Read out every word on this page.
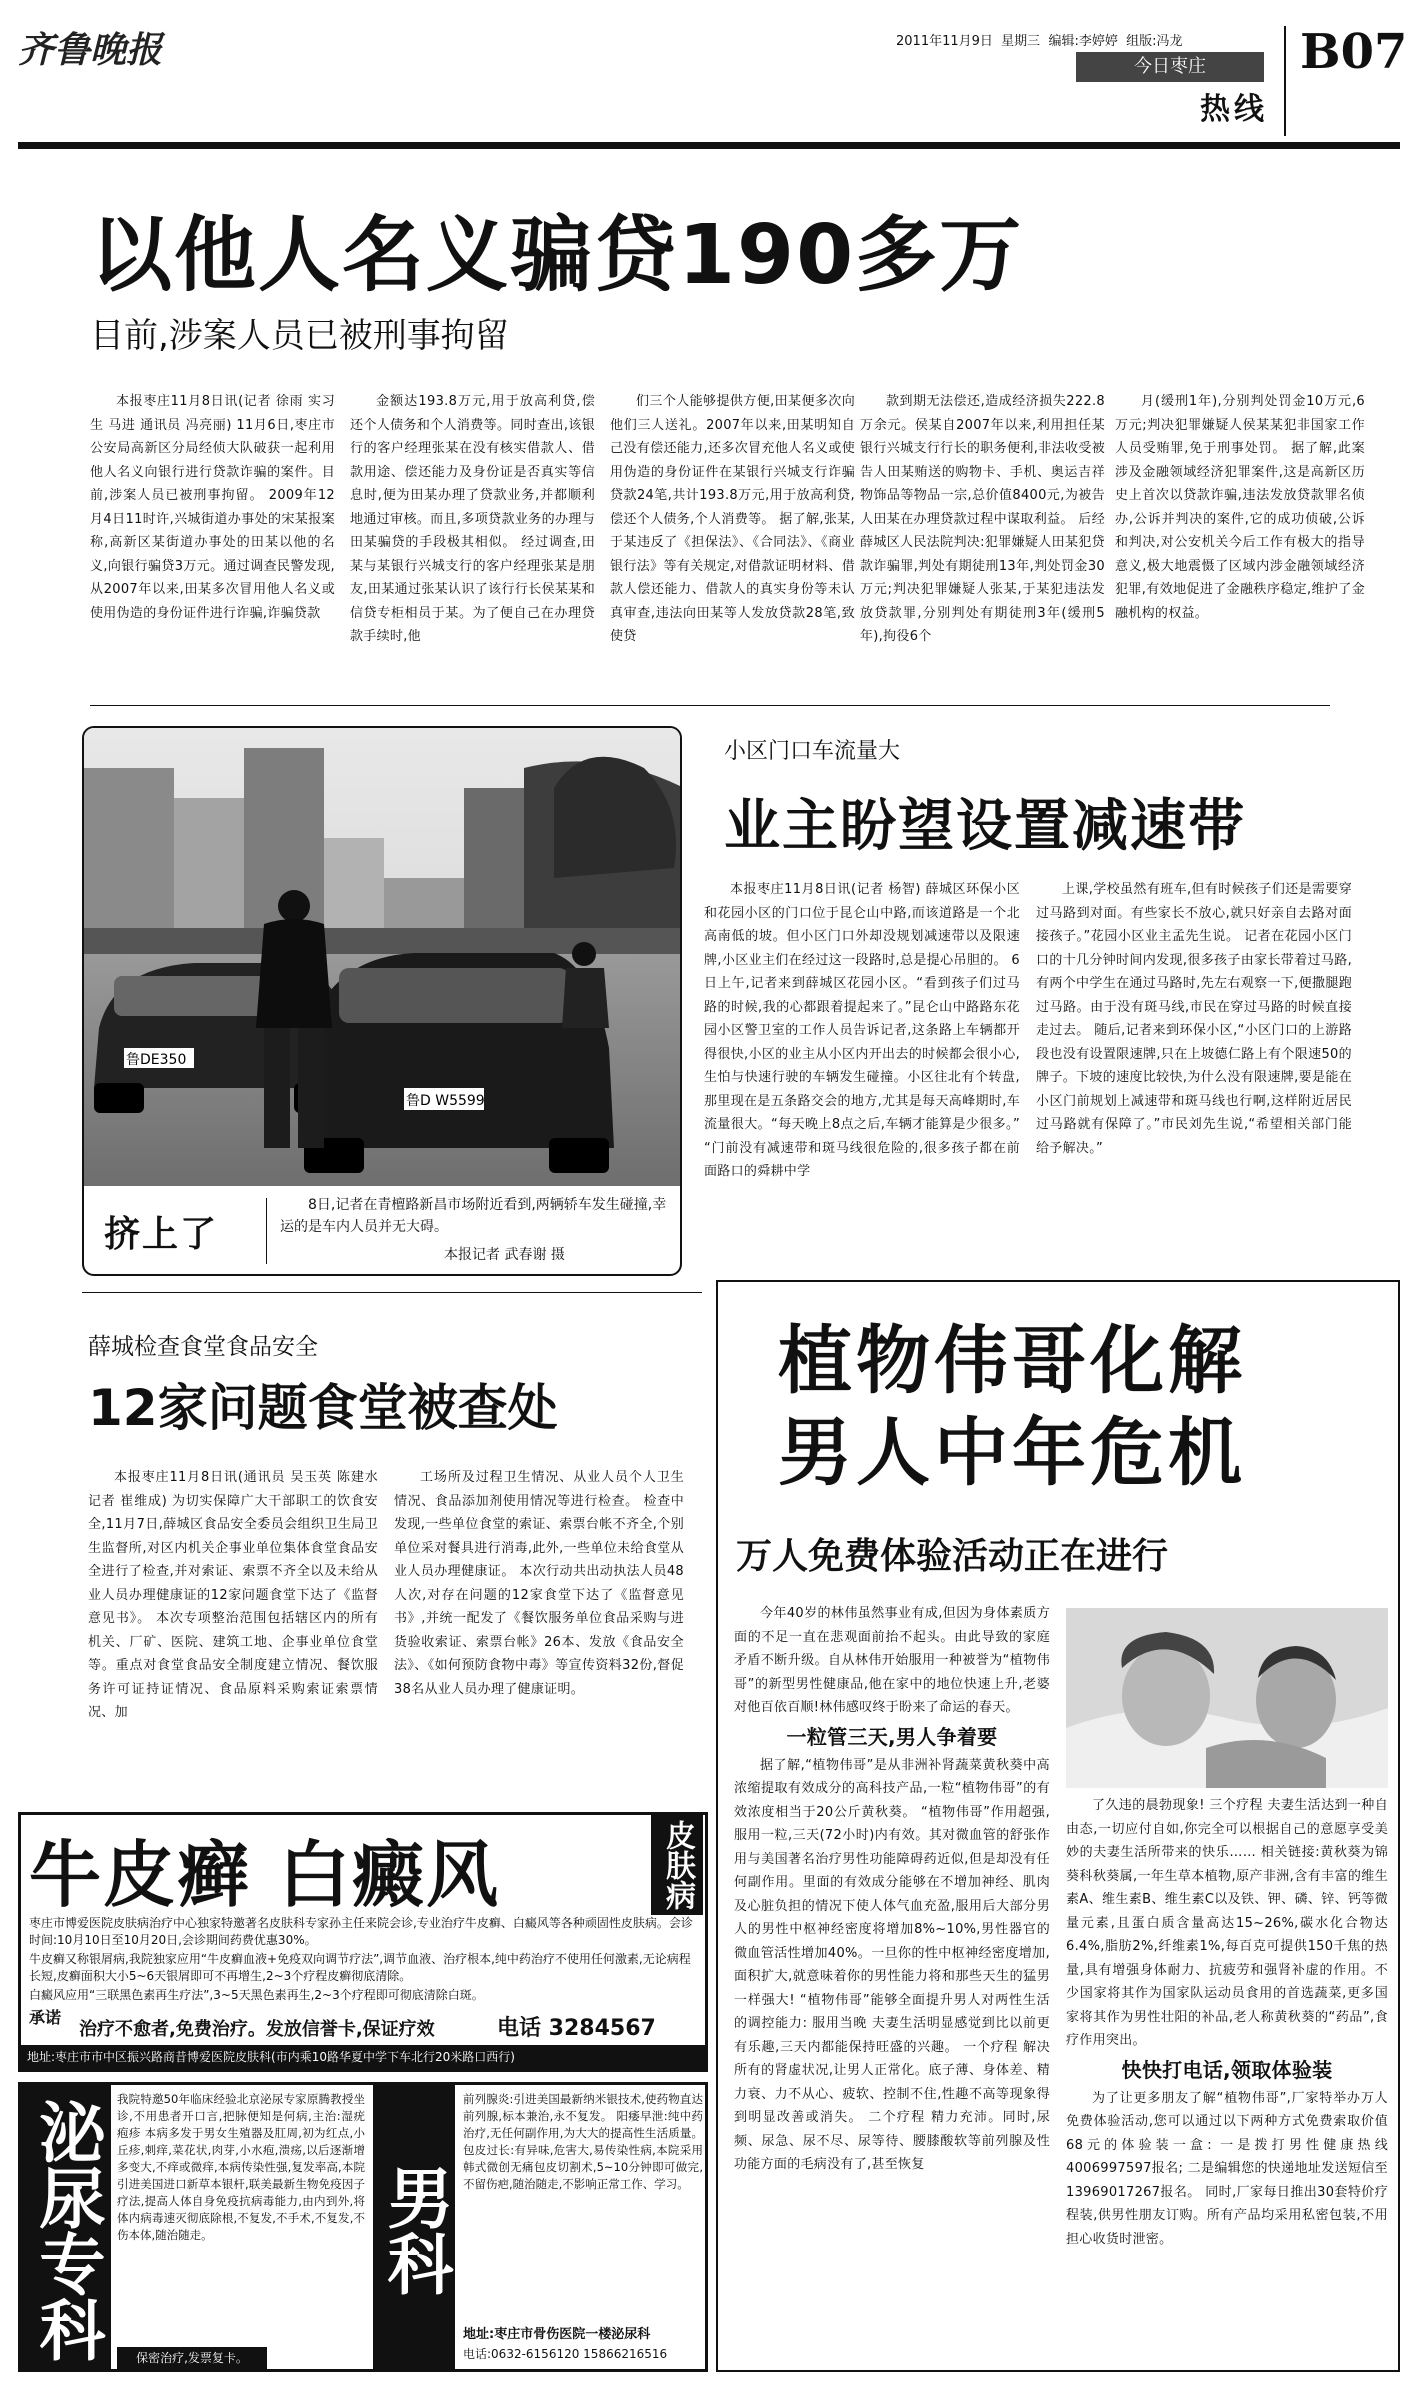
齐鲁晚报	2011年11月9日 星期三 编辑:李婷婷 组版:冯龙
今日枣庄
热线
B07
以他人名义骗贷190多万
目前,涉案人员已被刑事拘留

本报枣庄11月8日讯(记者 徐雨 实习生 马进 通讯员 冯亮丽) 11月6日,枣庄市公安局高新区分局经侦大队破获一起利用他人名义向银行进行贷款诈骗的案件。目前,涉案人员已被刑事拘留。 2009年12月4日11时许,兴城街道办事处的宋某报案称,高新区某街道办事处的田某以他的名义,向银行骗贷3万元。通过调查民警发现,从2007年以来,田某多次冒用他人名义或使用伪造的身份证件进行诈骗,诈骗贷款

金额达193.8万元,用于放高利贷,偿还个人债务和个人消费等。同时查出,该银行的客户经理张某在没有核实借款人、借款用途、偿还能力及身份证是否真实等信息时,便为田某办理了贷款业务,并都顺利地通过审核。而且,多项贷款业务的办理与田某骗贷的手段极其相似。 经过调查,田某与某银行兴城支行的客户经理张某是朋友,田某通过张某认识了该行行长侯某某和信贷专柜相员于某。为了便自己在办理贷款手续时,他

们三个人能够提供方便,田某便多次向他们三人送礼。2007年以来,田某明知自己没有偿还能力,还多次冒充他人名义或使用伪造的身份证件在某银行兴城支行诈骗贷款24笔,共计193.8万元,用于放高利贷,偿还个人债务,个人消费等。 据了解,张某,于某违反了《担保法》、《合同法》、《商业银行法》等有关规定,对借款证明材料、借款人偿还能力、借款人的真实身份等未认真审查,违法向田某等人发放贷款28笔,致使贷

款到期无法偿还,造成经济损失222.8万余元。侯某自2007年以来,利用担任某银行兴城支行行长的职务便利,非法收受被告人田某贿送的购物卡、手机、奥运吉祥物饰品等物品一宗,总价值8400元,为被告人田某在办理贷款过程中谋取利益。 后经薛城区人民法院判决:犯罪嫌疑人田某犯贷款诈骗罪,判处有期徒刑13年,判处罚金30万元;判决犯罪嫌疑人张某,于某犯违法发放贷款罪,分别判处有期徒刑3年(缓刑5年),拘役6个

月(缓刑1年),分别判处罚金10万元,6万元;判决犯罪嫌疑人侯某某犯非国家工作人员受贿罪,免于刑事处罚。 据了解,此案涉及金融领域经济犯罪案件,这是高新区历史上首次以贷款诈骗,违法发放贷款罪名侦办,公诉并判决的案件,它的成功侦破,公诉和判决,对公安机关今后工作有极大的指导意义,极大地震慑了区域内涉金融领域经济犯罪,有效地促进了金融秩序稳定,维护了金融机构的权益。

鲁DE350
鲁D W5599
挤上了
8日,记者在青檀路新昌市场附近看到,两辆轿车发生碰撞,幸运的是车内人员并无大碍。
本报记者 武春谢 摄
小区门口车流量大
业主盼望设置减速带

本报枣庄11月8日讯(记者 杨智) 薛城区环保小区和花园小区的门口位于昆仑山中路,而该道路是一个北高南低的坡。但小区门口外却没规划减速带以及限速牌,小区业主们在经过这一段路时,总是提心吊胆的。 6日上午,记者来到薛城区花园小区。“看到孩子们过马路的时候,我的心都跟着提起来了。”昆仑山中路路东花园小区警卫室的工作人员告诉记者,这条路上车辆都开得很快,小区的业主从小区内开出去的时候都会很小心,生怕与快速行驶的车辆发生碰撞。小区往北有个转盘,那里现在是五条路交会的地方,尤其是每天高峰期时,车流量很大。“每天晚上8点之后,车辆才能算是少很多。” “门前没有减速带和斑马线很危险的,很多孩子都在前面路口的舜耕中学

上课,学校虽然有班车,但有时候孩子们还是需要穿过马路到对面。有些家长不放心,就只好亲自去路对面接孩子。”花园小区业主孟先生说。 记者在花园小区门口的十几分钟时间内发现,很多孩子由家长带着过马路,有两个中学生在通过马路时,先左右观察一下,便撒腿跑过马路。由于没有斑马线,市民在穿过马路的时候直接走过去。 随后,记者来到环保小区,“小区门口的上游路段也没有设置限速牌,只在上坡德仁路上有个限速50的牌子。下坡的速度比较快,为什么没有限速牌,要是能在小区门前规划上减速带和斑马线也行啊,这样附近居民过马路就有保障了。”市民刘先生说,“希望相关部门能给予解决。”

薛城检查食堂食品安全
12家问题食堂被查处

本报枣庄11月8日讯(通讯员 吴玉英 陈建水 记者 崔维成) 为切实保障广大干部职工的饮食安全,11月7日,薛城区食品安全委员会组织卫生局卫生监督所,对区内机关企事业单位集体食堂食品安全进行了检查,并对索证、索票不齐全以及未给从业人员办理健康证的12家问题食堂下达了《监督意见书》。 本次专项整治范围包括辖区内的所有机关、厂矿、医院、建筑工地、企事业单位食堂等。重点对食堂食品安全制度建立情况、餐饮服务许可证持证情况、食品原料采购索证索票情况、加

工场所及过程卫生情况、从业人员个人卫生情况、食品添加剂使用情况等进行检查。 检查中发现,一些单位食堂的索证、索票台帐不齐全,个别单位采对餐具进行消毒,此外,一些单位未给食堂从业人员办理健康证。 本次行动共出动执法人员48人次,对存在问题的12家食堂下达了《监督意见书》,并统一配发了《餐饮服务单位食品采购与进货验收索证、索票台帐》26本、发放《食品安全法》、《如何预防食物中毒》等宣传资料32份,督促38名从业人员办理了健康证明。

植物伟哥化解
男人中年危机
万人免费体验活动正在进行

今年40岁的林伟虽然事业有成,但因为身体素质方面的不足一直在悲观面前抬不起头。由此导致的家庭矛盾不断升级。自从林伟开始服用一种被誉为“植物伟哥”的新型男性健康品,他在家中的地位快速上升,老婆对他百依百顺!林伟感叹终于盼来了命运的春天。

一粒管三天,男人争着要

据了解,“植物伟哥”是从非洲补肾蔬菜黄秋葵中高浓缩提取有效成分的高科技产品,一粒“植物伟哥”的有效浓度相当于20公斤黄秋葵。 “植物伟哥”作用超强,服用一粒,三天(72小时)内有效。其对微血管的舒张作用与美国著名治疗男性功能障碍药近似,但是却没有任何副作用。里面的有效成分能够在不增加神经、肌肉及心脏负担的情况下使人体气血充盈,服用后大部分男人的男性中枢神经密度将增加8%~10%,男性器官的微血管活性增加40%。一旦你的性中枢神经密度增加,面积扩大,就意味着你的男性能力将和那些天生的猛男一样强大! “植物伟哥”能够全面提升男人对两性生活的调控能力: 服用当晚 夫妻生活明显感觉到比以前更有乐趣,三天内都能保持旺盛的兴趣。 一个疗程 解决所有的肾虚状况,让男人正常化。底子薄、身体差、精力衰、力不从心、疲软、控制不住,性趣不高等现象得到明显改善或消失。 二个疗程 精力充沛。同时,尿频、尿急、尿不尽、尿等待、腰膝酸软等前列腺及性功能方面的毛病没有了,甚至恢复

了久违的晨勃现象! 三个疗程 夫妻生活达到一种自由态,一切应付自如,你完全可以根据自己的意愿享受美妙的夫妻生活所带来的快乐…… 相关链接:黄秋葵为锦葵科秋葵属,一年生草本植物,原产非洲,含有丰富的维生素A、维生素B、维生素C以及铁、钾、磷、锌、钙等微量元素,且蛋白质含量高达15~26%,碳水化合物达6.4%,脂肪2%,纤维素1%,每百克可提供150千焦的热量,具有增强身体耐力、抗疲劳和强肾补虚的作用。不少国家将其作为国家队运动员食用的首选蔬菜,更多国家将其作为男性壮阳的补品,老人称黄秋葵的“药品”,食疗作用突出。

快快打电话,领取体验装

为了让更多朋友了解“植物伟哥”,厂家特举办万人免费体验活动,您可以通过以下两种方式免费索取价值68元的体验装一盒: 一是拨打男性健康热线4006997597报名; 二是编辑您的快递地址发送短信至13969017267报名。 同时,厂家每日推出30套特价疗程装,供男性朋友订购。所有产品均采用私密包装,不用担心收货时泄密。

牛皮癣 白癜风	皮肤病
枣庄市博爱医院皮肤病治疗中心独家特邀著名皮肤科专家孙主任来院会诊,专业治疗牛皮癣、白癜风等各种顽固性皮肤病。会诊时间:10月10日至10月20日,会诊期间药费优惠30%。
牛皮癣又称银屑病,我院独家应用“牛皮癣血液+免疫双向调节疗法”,调节血液、治疗根本,纯中药治疗不使用任何激素,无论病程长短,皮癣面积大小5~6天银屑即可不再增生,2~3个疗程皮癣彻底清除。
白癜风应用“三联黑色素再生疗法”,3~5天黑色素再生,2~3个疗程即可彻底清除白斑。
承诺
治疗不愈者,免费治疗。发放信誉卡,保证疗效	电话 3284567
地址:枣庄市市中区振兴路商昔博爱医院皮肤科(市内乘10路华夏中学下车北行20米路口西行)
泌尿专科	我院特邀50年临床经验北京泌尿专家原腾教授坐诊,不用患者开口言,把脉便知是何病,主治:湿疣 疱疹 本病多发于男女生殖器及肛周,初为红点,小丘疹,刺痒,菜花状,肉芽,小水疱,溃疡,以后逐渐增多变大,不痒或微痒,本病传染性强,复发率高,本院引进美国进口新草本银杆,联美最新生物免疫因子疗法,提高人体自身免疫抗病毒能力,由内到外,将体内病毒速灭彻底除根,不复发,不手术,不复发,不伤本体,随治随走。
保密治疗,发票复卡。
男科
前列腺炎:引进美国最新纳米银技术,使药物直达前列腺,标本兼治,永不复发。 阳痿早泄:纯中药治疗,无任何副作用,为大大的提高性生活质量。 包皮过长:有异味,危害大,易传染性病,本院采用韩式微创无痛包皮切割术,5~10分钟即可做完,不留伤疤,随治随走,不影响正常工作、学习。
地址:枣庄市骨伤医院一楼泌尿科
电话:0632-6156120 15866216516
